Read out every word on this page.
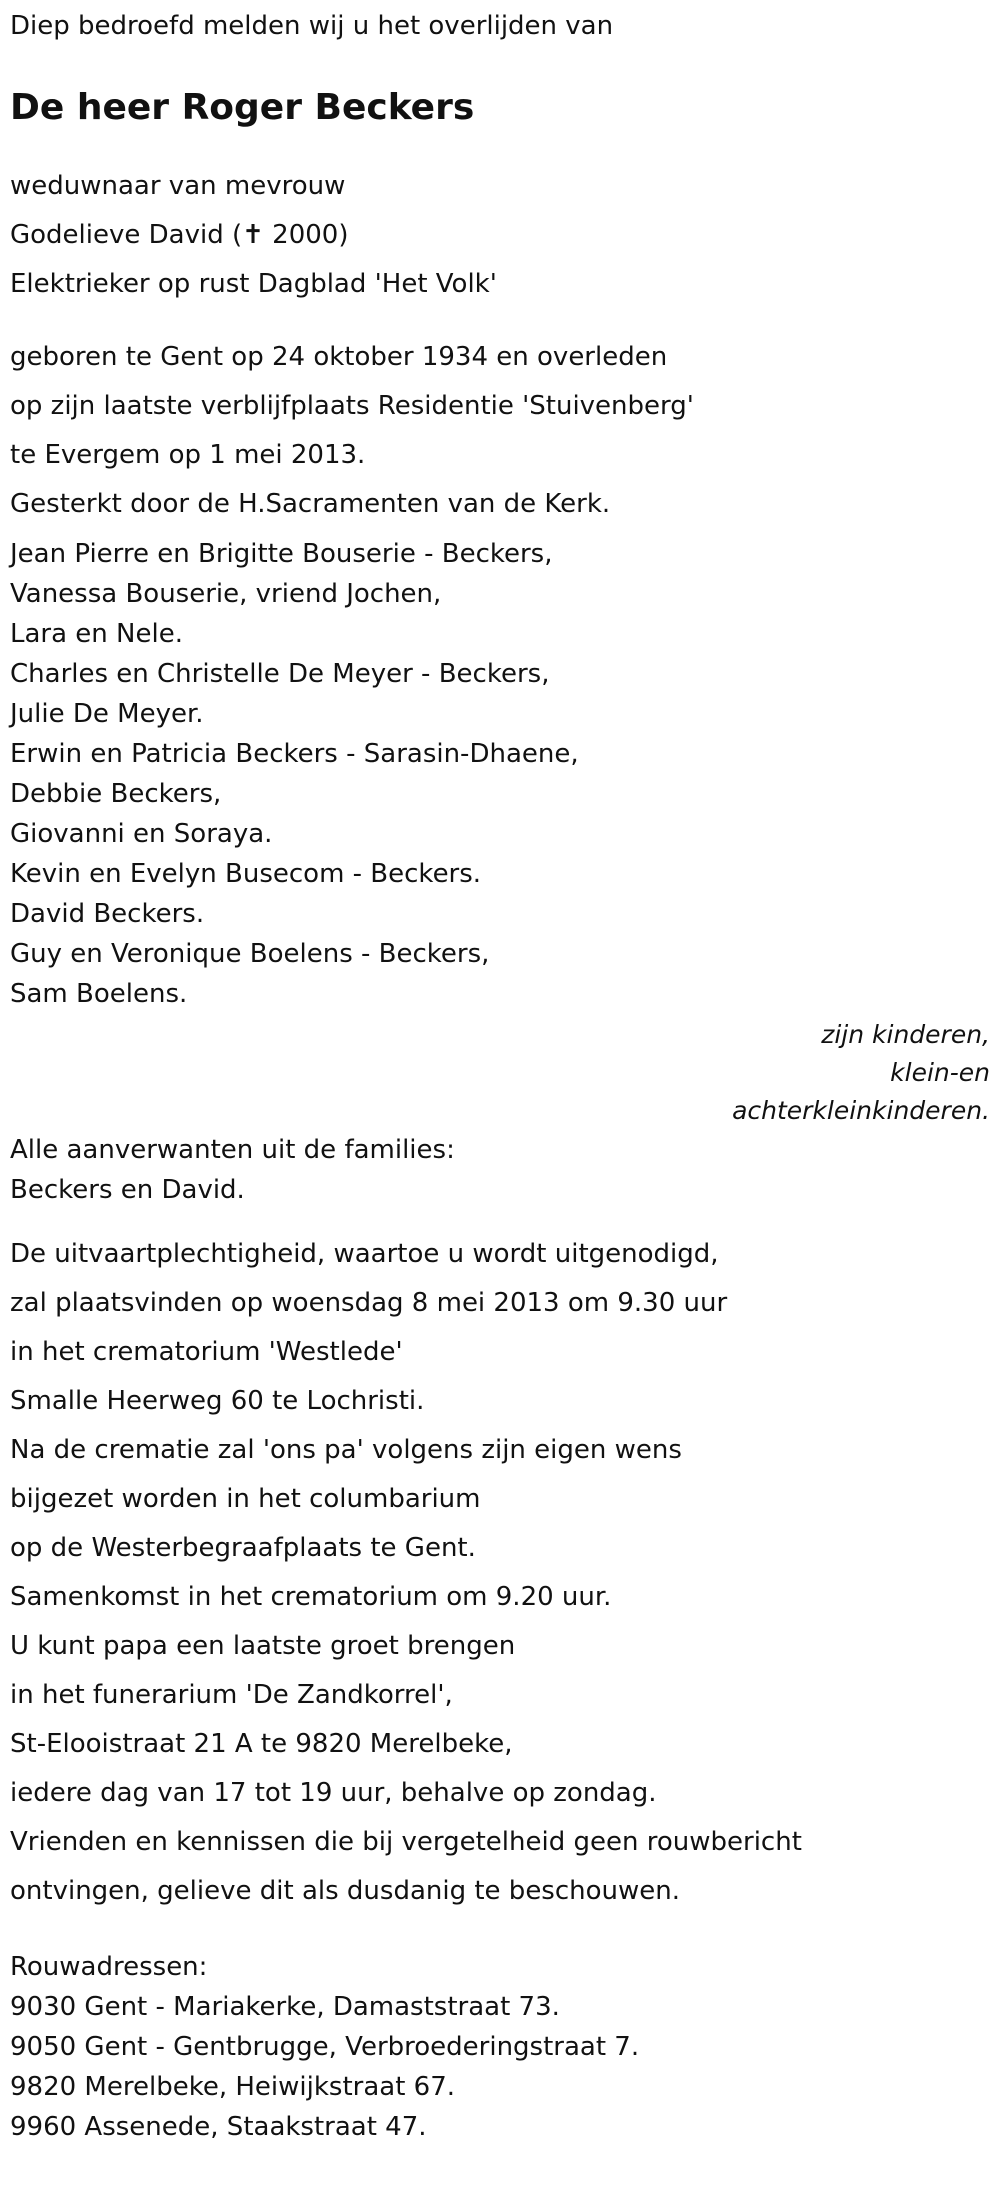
Diep bedroefd melden wij u het overlijden van

De heer Roger Beckers

weduwnaar van mevrouw

Godelieve David (✝ 2000)

Elektrieker op rust Dagblad 'Het Volk'

geboren te Gent op 24 oktober 1934 en overleden

op zijn laatste verblijfplaats Residentie 'Stuivenberg'

te Evergem op 1 mei 2013.

Gesterkt door de H.Sacramenten van de Kerk.

Jean Pierre en Brigitte Bouserie - Beckers,

Vanessa Bouserie, vriend Jochen,

Lara en Nele.

Charles en Christelle De Meyer - Beckers,

Julie De Meyer.

Erwin en Patricia Beckers - Sarasin-Dhaene,

Debbie Beckers,

Giovanni en Soraya.

Kevin en Evelyn Busecom - Beckers.

David Beckers.

Guy en Veronique Boelens - Beckers,

Sam Boelens.

zijn kinderen,
klein-en
achterkleinkinderen.

Alle aanverwanten uit de families:

Beckers en David.

De uitvaartplechtigheid, waartoe u wordt uitgenodigd,

zal plaatsvinden op woensdag 8 mei 2013 om 9.30 uur

in het crematorium 'Westlede'

Smalle Heerweg 60 te Lochristi.

Na de crematie zal 'ons pa' volgens zijn eigen wens

bijgezet worden in het columbarium

op de Westerbegraafplaats te Gent.

Samenkomst in het crematorium om 9.20 uur.

U kunt papa een laatste groet brengen

in het funerarium 'De Zandkorrel',

St-Elooistraat 21 A te 9820 Merelbeke,

iedere dag van 17 tot 19 uur, behalve op zondag.

Vrienden en kennissen die bij vergetelheid geen rouwbericht

ontvingen, gelieve dit als dusdanig te beschouwen.

Rouwadressen:

9030 Gent - Mariakerke, Damaststraat 73.

9050 Gent - Gentbrugge, Verbroederingstraat 7.

9820 Merelbeke, Heiwijkstraat 67.

9960 Assenede, Staakstraat 47.
